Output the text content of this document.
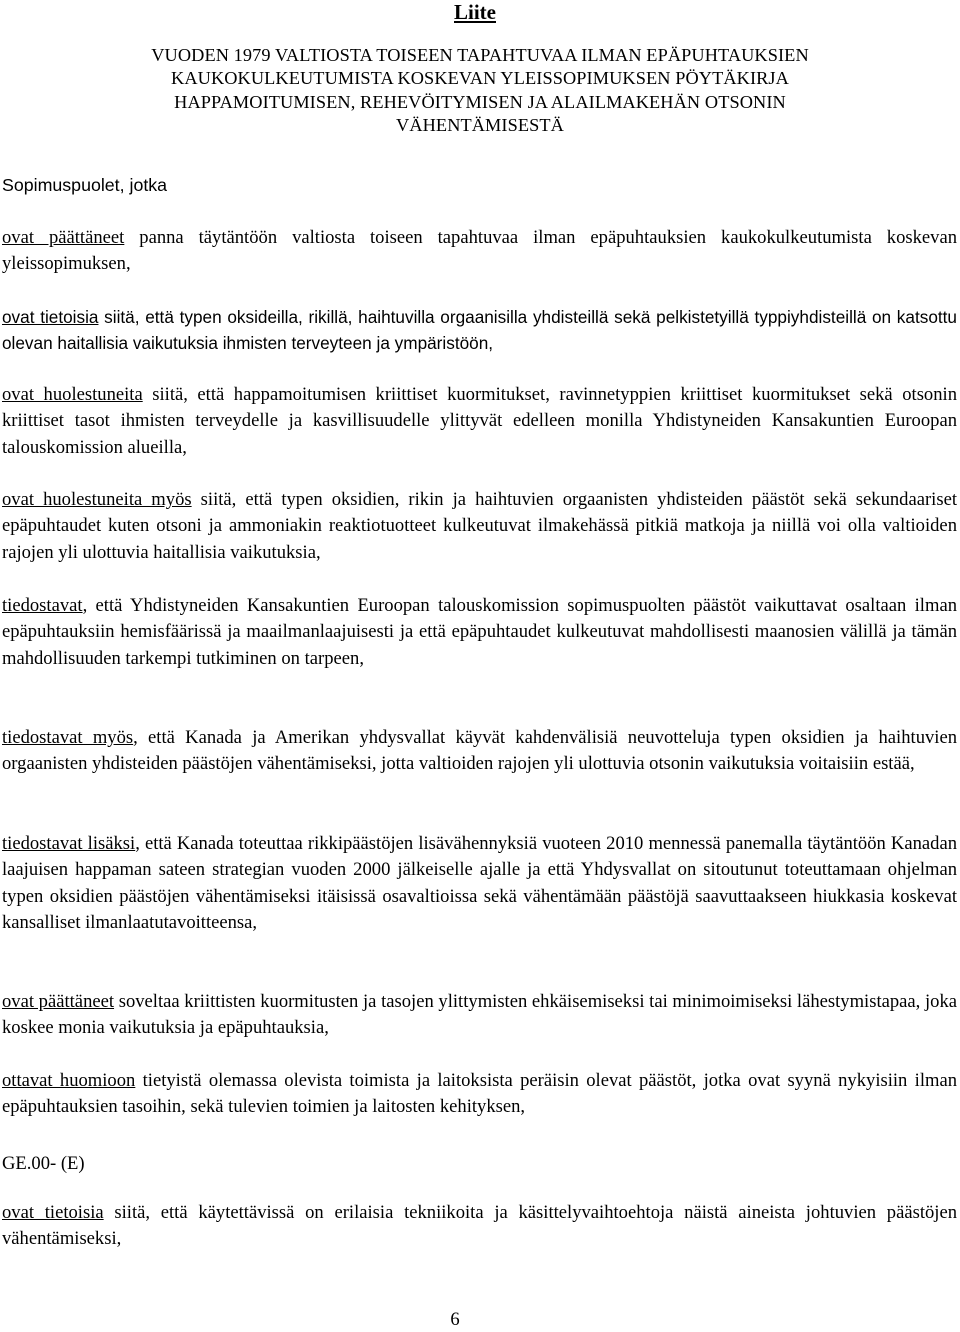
Liite
VUODEN 1979 VALTIOSTA TOISEEN TAPAHTUVAA ILMAN EPÄPUHTAUKSIEN
KAUKOKULKEUTUMISTA KOSKEVAN YLEISSOPIMUKSEN PÖYTÄKIRJA
HAPPAMOITUMISEN, REHEVÖITYMISEN JA ALAILMAKEHÄN OTSONIN
VÄHENTÄMISESTÄ
Sopimuspuolet, jotka

ovat päättäneet panna täytäntöön valtiosta toiseen tapahtuvaa ilman epäpuhtauksien kaukokulkeutumista koskevan yleissopimuksen,

ovat tietoisia siitä, että typen oksideilla, rikillä, haihtuvilla orgaanisilla yhdisteillä sekä pelkistetyillä typpiyhdisteillä on katsottu olevan haitallisia vaikutuksia ihmisten terveyteen ja ympäristöön,

ovat huolestuneita siitä, että happamoitumisen kriittiset kuormitukset, ravinnetyppien kriittiset kuormitukset sekä otsonin kriittiset tasot ihmisten terveydelle ja kasvillisuudelle ylittyvät edelleen monilla Yhdistyneiden Kansakuntien Euroopan talouskomission alueilla,

ovat huolestuneita myös siitä, että typen oksidien, rikin ja haihtuvien orgaanisten yhdisteiden päästöt sekä sekundaariset epäpuhtaudet kuten otsoni ja ammoniakin reaktiotuotteet kulkeutuvat ilmakehässä pitkiä matkoja ja niillä voi olla valtioiden rajojen yli ulottuvia haitallisia vaikutuksia,

tiedostavat, että Yhdistyneiden Kansakuntien Euroopan talouskomission sopimuspuolten päästöt vaikuttavat osaltaan ilman epäpuhtauksiin hemisfäärissä ja maailmanlaajuisesti ja että epäpuhtaudet kulkeutuvat mahdollisesti maanosien välillä ja tämän mahdollisuuden tarkempi tutkiminen on tarpeen,

tiedostavat myös, että Kanada ja Amerikan yhdysvallat käyvät kahdenvälisiä neuvotteluja typen oksidien ja haihtuvien orgaanisten yhdisteiden päästöjen vähentämiseksi, jotta valtioiden rajojen yli ulottuvia otsonin vaikutuksia voitaisiin estää,

tiedostavat lisäksi, että Kanada toteuttaa rikkipäästöjen lisävähennyksiä vuoteen 2010 mennessä panemalla täytäntöön Kanadan laajuisen happaman sateen strategian vuoden 2000 jälkeiselle ajalle ja että Yhdysvallat on sitoutunut toteuttamaan ohjelman typen oksidien päästöjen vähentämiseksi itäisissä osavaltioissa sekä vähentämään päästöjä saavuttaakseen hiukkasia koskevat kansalliset ilmanlaatutavoitteensa,

ovat päättäneet soveltaa kriittisten kuormitusten ja tasojen ylittymisten ehkäisemiseksi tai minimoimiseksi lähestymistapaa, joka koskee monia vaikutuksia ja epäpuhtauksia,

ottavat huomioon tietyistä olemassa olevista toimista ja laitoksista peräisin olevat päästöt, jotka ovat syynä nykyisiin ilman epäpuhtauksien tasoihin, sekä tulevien toimien ja laitosten kehityksen,

GE.00- (E)

ovat tietoisia siitä, että käytettävissä on erilaisia tekniikoita ja käsittelyvaihtoehtoja näistä aineista johtuvien päästöjen vähentämiseksi,

6
